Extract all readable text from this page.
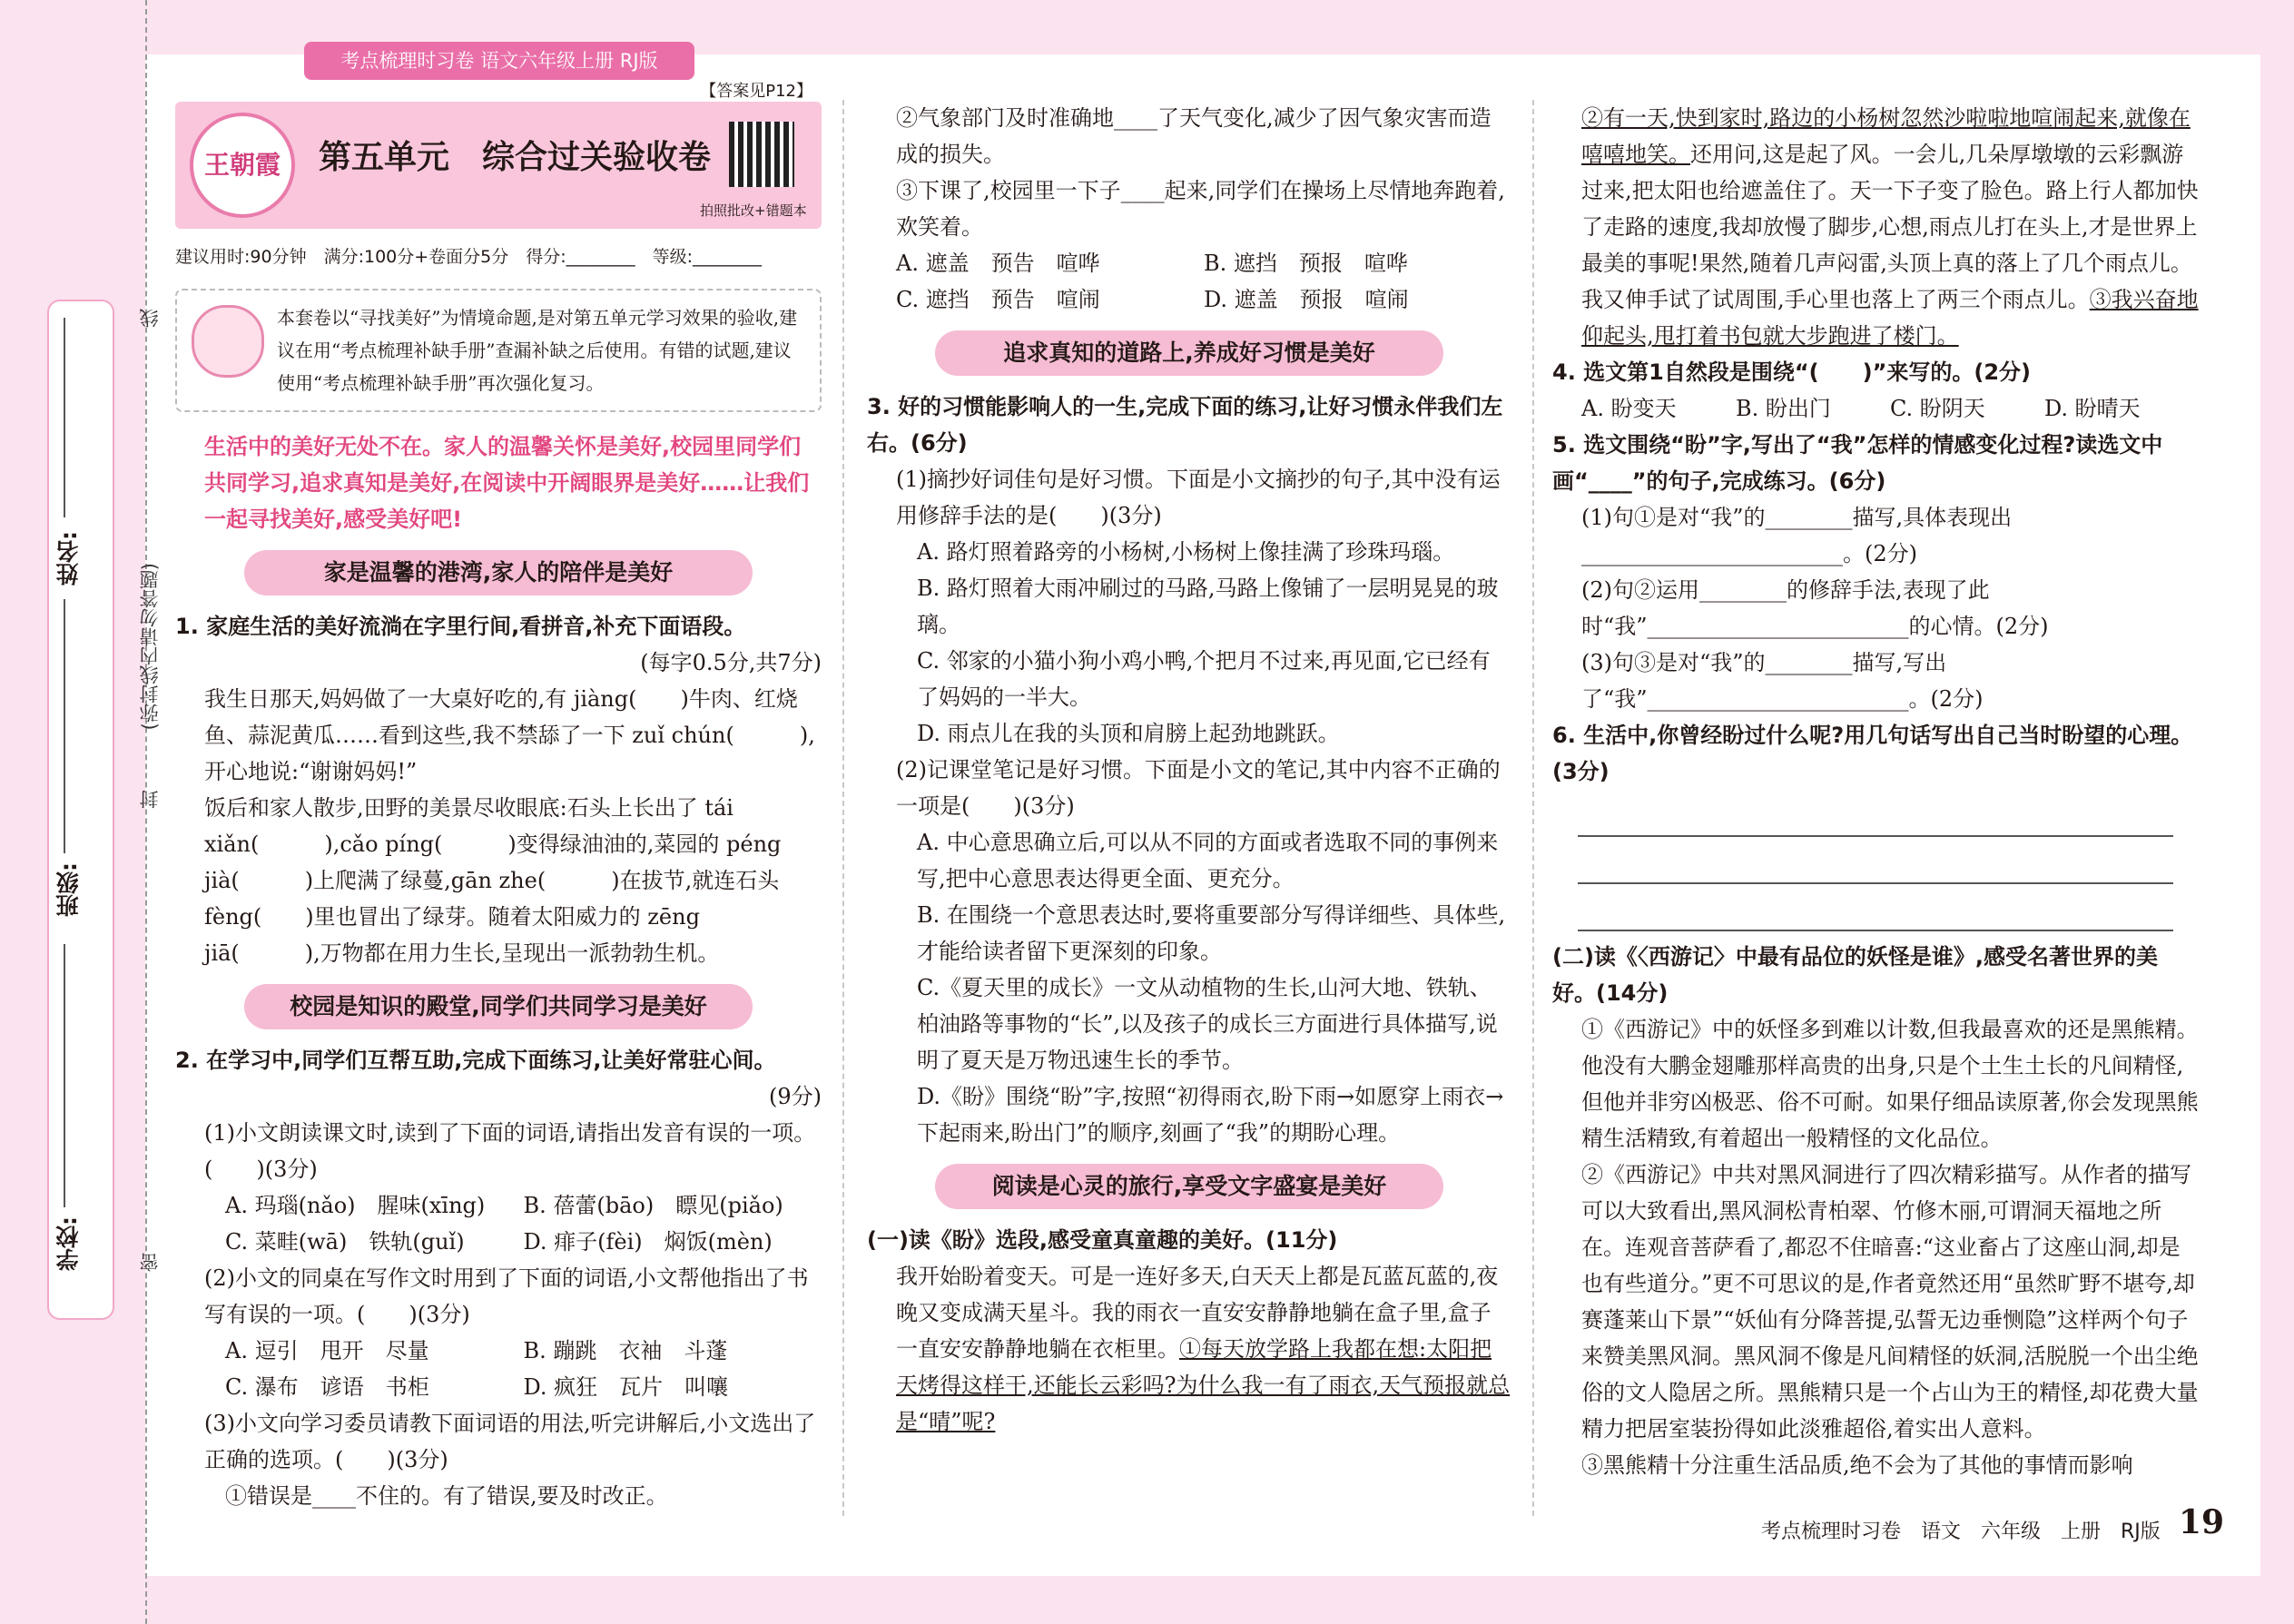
考点梳理时习卷 语文六年级上册 RJ版
姓名:
班级:
学校:
线
(弥封线内请勿答题)
封
密
【答案见P12】
王朝霞	第五单元　综合过关验收卷
拍照批改+错题本
建议用时:90分钟　满分:100分+卷面分5分　得分:________　等级:________
本套卷以“寻找美好”为情境命题,是对第五单元学习效果的验收,建议在用“考点梳理补缺手册”查漏补缺之后使用。有错的试题,建议使用“考点梳理补缺手册”再次强化复习。

生活中的美好无处不在。家人的温馨关怀是美好,校园里同学们共同学习,追求真知是美好,在阅读中开阔眼界是美好……让我们一起寻找美好,感受美好吧!

家是温馨的港湾,家人的陪伴是美好

1. 家庭生活的美好流淌在字里行间,看拼音,补充下面语段。

(每字0.5分,共7分)

我生日那天,妈妈做了一大桌好吃的,有 jiàng(　　)牛肉、红烧鱼、蒜泥黄瓜……看到这些,我不禁舔了一下 zuǐ chún(　　　),开心地说:“谢谢妈妈!”

饭后和家人散步,田野的美景尽收眼底:石头上长出了 tái xiǎn(　　　),cǎo píng(　　　)变得绿油油的,菜园的 péng jià(　　　)上爬满了绿蔓,gān zhe(　　　)在拔节,就连石头 fèng(　　)里也冒出了绿芽。随着太阳威力的 zēng jiā(　　　),万物都在用力生长,呈现出一派勃勃生机。

校园是知识的殿堂,同学们共同学习是美好

2. 在学习中,同学们互帮互助,完成下面练习,让美好常驻心间。

(9分)

(1)小文朗读课文时,读到了下面的词语,请指出发音有误的一项。(　　)(3分)

A. 玛瑙(nǎo)　腥味(xīng)	B. 蓓蕾(bāo)　瞟见(piǎo)
C. 菜畦(wā)　铁轨(guǐ)	D. 痱子(fèi)　焖饭(mèn)

(2)小文的同桌在写作文时用到了下面的词语,小文帮他指出了书写有误的一项。(　　)(3分)

A. 逗引　甩开　尽量	B. 蹦跳　衣袖　斗蓬
C. 瀑布　谚语　书柜	D. 疯狂　瓦片　叫嚷

(3)小文向学习委员请教下面词语的用法,听完讲解后,小文选出了正确的选项。(　　)(3分)

①错误是____不住的。有了错误,要及时改正。

②气象部门及时准确地____了天气变化,减少了因气象灾害而造成的损失。

③下课了,校园里一下子____起来,同学们在操场上尽情地奔跑着,欢笑着。

A. 遮盖　预告　喧哗	B. 遮挡　预报　喧哗
C. 遮挡　预告　喧闹	D. 遮盖　预报　喧闹
追求真知的道路上,养成好习惯是美好

3. 好的习惯能影响人的一生,完成下面的练习,让好习惯永伴我们左右。(6分)

(1)摘抄好词佳句是好习惯。下面是小文摘抄的句子,其中没有运用修辞手法的是(　　)(3分)

A. 路灯照着路旁的小杨树,小杨树上像挂满了珍珠玛瑙。

B. 路灯照着大雨冲刷过的马路,马路上像铺了一层明晃晃的玻璃。

C. 邻家的小猫小狗小鸡小鸭,个把月不过来,再见面,它已经有了妈妈的一半大。

D. 雨点儿在我的头顶和肩膀上起劲地跳跃。

(2)记课堂笔记是好习惯。下面是小文的笔记,其中内容不正确的一项是(　　)(3分)

A. 中心意思确立后,可以从不同的方面或者选取不同的事例来写,把中心意思表达得更全面、更充分。

B. 在围绕一个意思表达时,要将重要部分写得详细些、具体些,才能给读者留下更深刻的印象。

C.《夏天里的成长》一文从动植物的生长,山河大地、铁轨、柏油路等事物的“长”,以及孩子的成长三方面进行具体描写,说明了夏天是万物迅速生长的季节。

D.《盼》围绕“盼”字,按照“初得雨衣,盼下雨→如愿穿上雨衣→下起雨来,盼出门”的顺序,刻画了“我”的期盼心理。

阅读是心灵的旅行,享受文字盛宴是美好

(一)读《盼》选段,感受童真童趣的美好。(11分)

我开始盼着变天。可是一连好多天,白天天上都是瓦蓝瓦蓝的,夜晚又变成满天星斗。我的雨衣一直安安静静地躺在盒子里,盒子一直安安静静地躺在衣柜里。①每天放学路上我都在想:太阳把天烤得这样干,还能长云彩吗?为什么我一有了雨衣,天气预报就总是“晴”呢?

②有一天,快到家时,路边的小杨树忽然沙啦啦地喧闹起来,就像在嘻嘻地笑。还用问,这是起了风。一会儿,几朵厚墩墩的云彩飘游过来,把太阳也给遮盖住了。天一下子变了脸色。路上行人都加快了走路的速度,我却放慢了脚步,心想,雨点儿打在头上,才是世界上最美的事呢!果然,随着几声闷雷,头顶上真的落上了几个雨点儿。我又伸手试了试周围,手心里也落上了两三个雨点儿。③我兴奋地仰起头,甩打着书包就大步跑进了楼门。

4. 选文第1自然段是围绕“(　　)”来写的。(2分)

A. 盼变天	B. 盼出门	C. 盼阴天	D. 盼晴天

5. 选文围绕“盼”字,写出了“我”怎样的情感变化过程?读选文中画“____”的句子,完成练习。(6分)

(1)句①是对“我”的________描写,具体表现出________________________。(2分)

(2)句②运用________的修辞手法,表现了此时“我”________________________的心情。(2分)

(3)句③是对“我”的________描写,写出了“我”________________________。(2分)

6. 生活中,你曾经盼过什么呢?用几句话写出自己当时盼望的心理。(3分)

(二)读《〈西游记〉中最有品位的妖怪是谁》,感受名著世界的美好。(14分)

①《西游记》中的妖怪多到难以计数,但我最喜欢的还是黑熊精。他没有大鹏金翅雕那样高贵的出身,只是个土生土长的凡间精怪,但他并非穷凶极恶、俗不可耐。如果仔细品读原著,你会发现黑熊精生活精致,有着超出一般精怪的文化品位。

②《西游记》中共对黑风洞进行了四次精彩描写。从作者的描写可以大致看出,黑风洞松青柏翠、竹修木丽,可谓洞天福地之所在。连观音菩萨看了,都忍不住暗喜:“这业畜占了这座山洞,却是也有些道分。”更不可思议的是,作者竟然还用“虽然旷野不堪夸,却赛蓬莱山下景”“妖仙有分降菩提,弘誓无边垂恻隐”这样两个句子来赞美黑风洞。黑风洞不像是凡间精怪的妖洞,活脱脱一个出尘绝俗的文人隐居之所。黑熊精只是一个占山为王的精怪,却花费大量精力把居室装扮得如此淡雅超俗,着实出人意料。

③黑熊精十分注重生活品质,绝不会为了其他的事情而影响

考点梳理时习卷　语文　六年级　上册　RJ版 19
